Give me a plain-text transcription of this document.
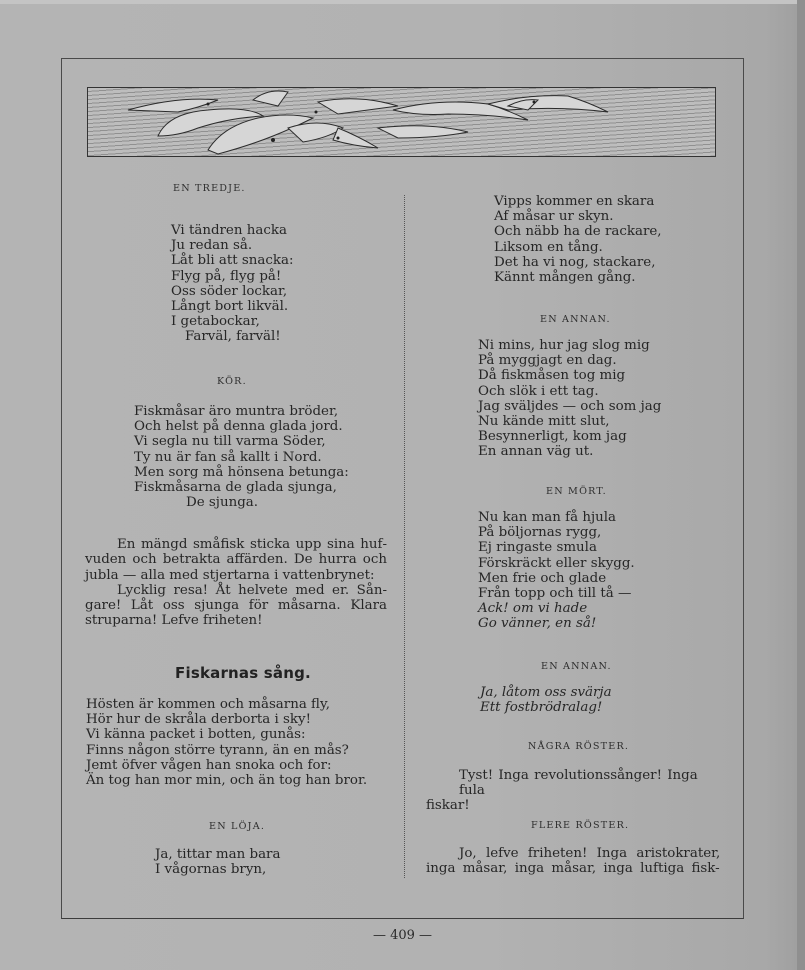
EN TREDJE.
Vi tändren hacka
Ju redan så.
Låt bli att snacka:
Flyg på, flyg på!
Oss söder lockar,
Långt bort likväl.
I getabockar,
Farväl, farväl!
KÖR.
Fiskmåsar äro muntra bröder,
Och helst på denna glada jord.
Vi segla nu till varma Söder,
Ty nu är fan så kallt i Nord.
Men sorg må hönsena betunga:
Fiskmåsarna de glada sjunga,
De sjunga.
En mängd småfisk sticka upp sina hufvuden och betrakta affärden. De hurra och jubla — alla med stjertarna i vattenbrynet:
Lycklig resa! Åt helvete med er. Sångare! Låt oss sjunga för måsarna. Klara struparna! Lefve friheten!
Fiskarnas sång.
Hösten är kommen och måsarna fly,
Hör hur de skråla derborta i sky!
Vi känna packet i botten, gunås:
Finns någon större tyrann, än en mås?
Jemt öfver vågen han snoka och for:
Än tog han mor min, och än tog han bror.
EN LÖJA.
Ja, tittar man bara
I vågornas bryn,
Vipps kommer en skara
Af måsar ur skyn.
Och näbb ha de rackare,
Liksom en tång.
Det ha vi nog, stackare,
Kännt mången gång.
EN ANNAN.
Ni mins, hur jag slog mig
På myggjagt en dag.
Då fiskmåsen tog mig
Och slök i ett tag.
Jag sväljdes — och som jag
Nu kände mitt slut,
Besynnerligt, kom jag
En annan väg ut.
EN MÖRT.
Nu kan man få hjula
På böljornas rygg,
Ej ringaste smula
Förskräckt eller skygg.
Men frie och glade
Från topp och till tå —
Ack! om vi hade
Go vänner, en så!
EN ANNAN.
Ja, låtom oss svärja
Ett fostbrödralag!
NÅGRA RÖSTER.
Tyst! Inga revolutionssånger! Inga fula
fiskar!
FLERE RÖSTER.
Jo, lefve friheten! Inga aristokrater,
inga måsar, inga måsar, inga luftiga fisk-
— 409 —
